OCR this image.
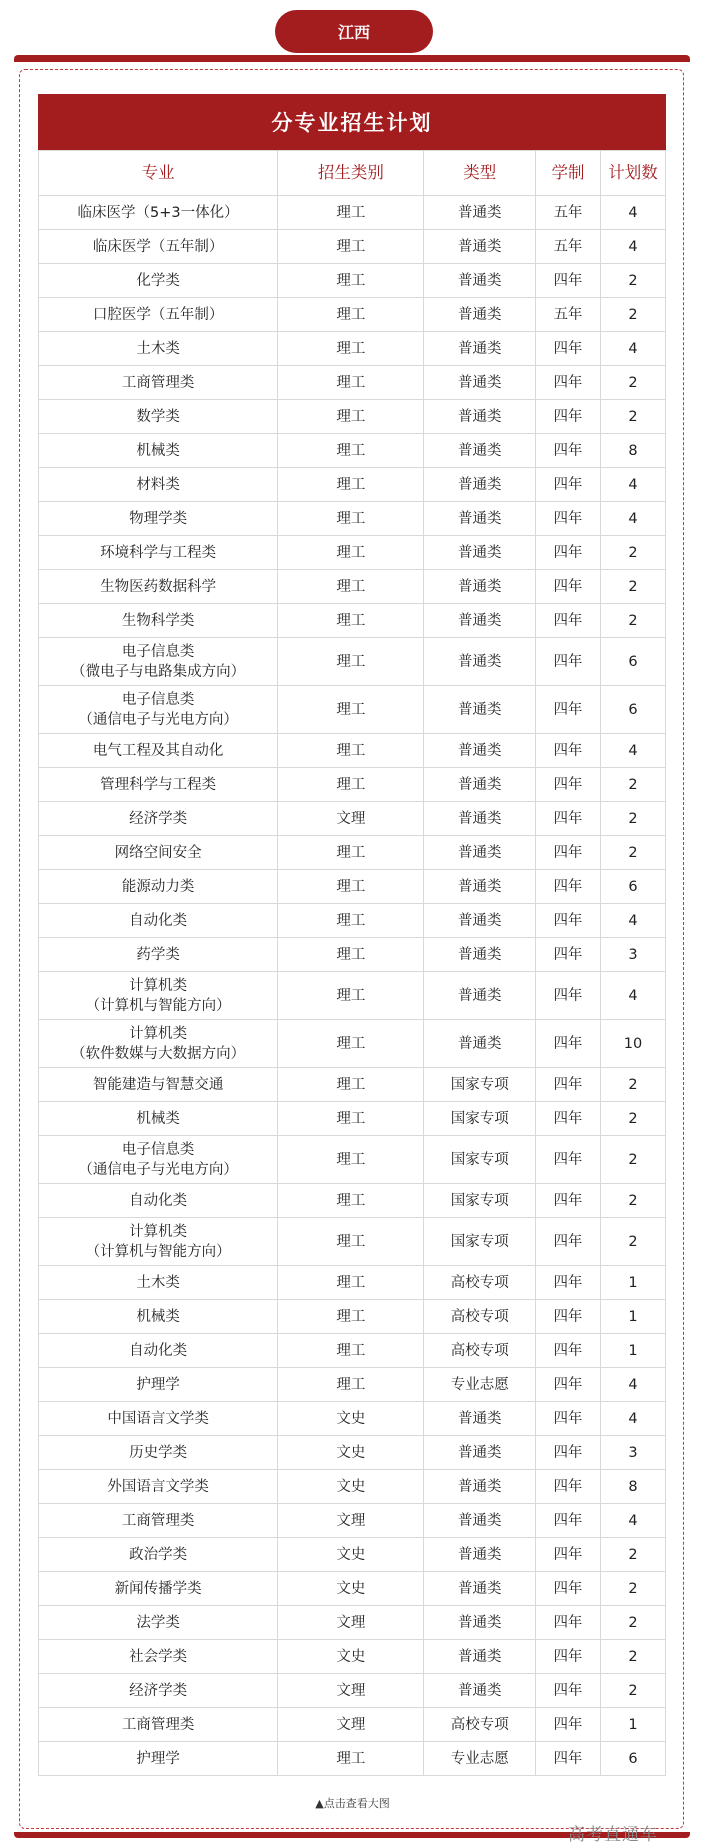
江西
分专业招生计划
专业	招生类别	类型	学制	计划数
临床医学（5+3一体化）	理工	普通类	五年	4
临床医学（五年制）	理工	普通类	五年	4
化学类	理工	普通类	四年	2
口腔医学（五年制）	理工	普通类	五年	2
土木类	理工	普通类	四年	4
工商管理类	理工	普通类	四年	2
数学类	理工	普通类	四年	2
机械类	理工	普通类	四年	8
材料类	理工	普通类	四年	4
物理学类	理工	普通类	四年	4
环境科学与工程类	理工	普通类	四年	2
生物医药数据科学	理工	普通类	四年	2
生物科学类	理工	普通类	四年	2
电子信息类
（微电子与电路集成方向）	理工	普通类	四年	6
电子信息类
（通信电子与光电方向）	理工	普通类	四年	6
电气工程及其自动化	理工	普通类	四年	4
管理科学与工程类	理工	普通类	四年	2
经济学类	文理	普通类	四年	2
网络空间安全	理工	普通类	四年	2
能源动力类	理工	普通类	四年	6
自动化类	理工	普通类	四年	4
药学类	理工	普通类	四年	3
计算机类
（计算机与智能方向）	理工	普通类	四年	4
计算机类
（软件数媒与大数据方向）	理工	普通类	四年	10
智能建造与智慧交通	理工	国家专项	四年	2
机械类	理工	国家专项	四年	2
电子信息类
（通信电子与光电方向）	理工	国家专项	四年	2
自动化类	理工	国家专项	四年	2
计算机类
（计算机与智能方向）	理工	国家专项	四年	2
土木类	理工	高校专项	四年	1
机械类	理工	高校专项	四年	1
自动化类	理工	高校专项	四年	1
护理学	理工	专业志愿	四年	4
中国语言文学类	文史	普通类	四年	4
历史学类	文史	普通类	四年	3
外国语言文学类	文史	普通类	四年	8
工商管理类	文理	普通类	四年	4
政治学类	文史	普通类	四年	2
新闻传播学类	文史	普通类	四年	2
法学类	文理	普通类	四年	2
社会学类	文史	普通类	四年	2
经济学类	文理	普通类	四年	2
工商管理类	文理	高校专项	四年	1
护理学	理工	专业志愿	四年	6
▲点击查看大图
高考直通车
